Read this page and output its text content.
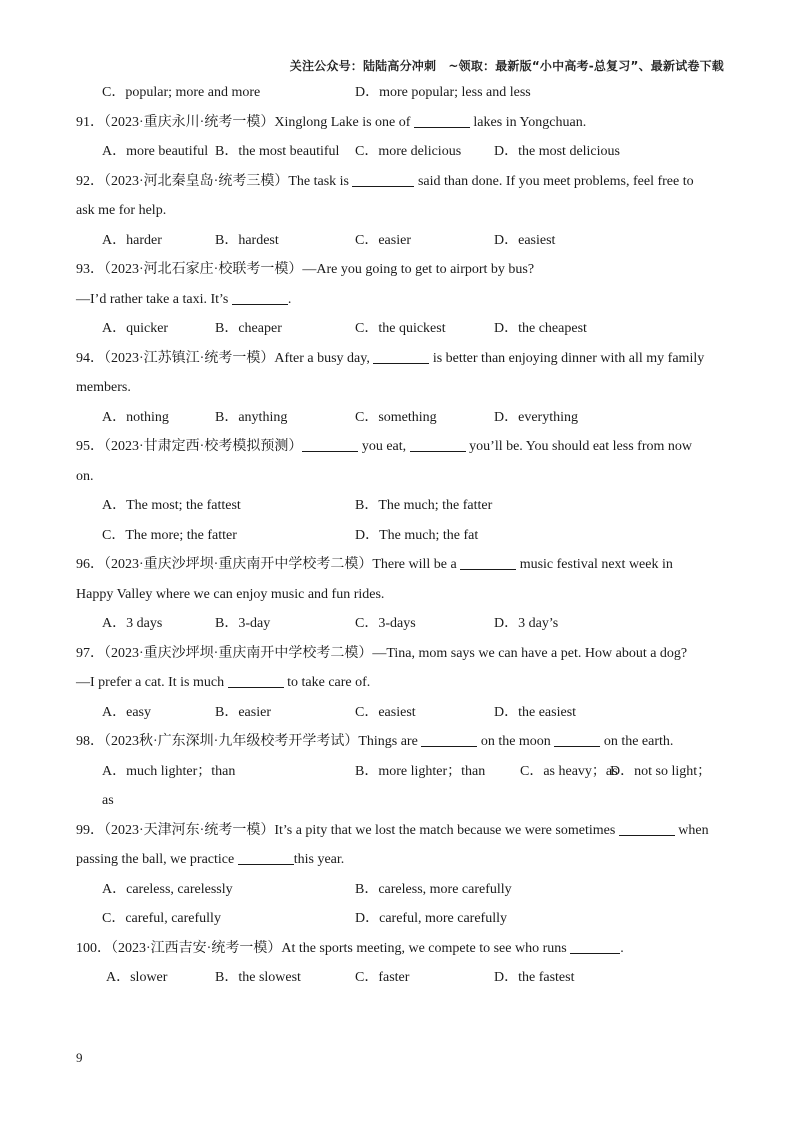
关注公众号：陆陆高分冲刺　~领取：最新版“小中高考-总复习”、最新试卷下载
C．popular; more and more	D．more popular; less and less
91．（2023·重庆永川·统考一模）Xinglong Lake is one of	lakes in Yongchuan.
A．more beautiful B．the most beautiful C．more delicious D．the most delicious
92．（2023·河北秦皇岛·统考三模）The task is	said than done. If you meet problems, feel free to
ask me for help.
A．harder	B．hardest	C．easier	D．easiest
93．（2023·河北石家庄·校联考一模）—Are you going to get to airport by bus?
—I’d rather take a taxi. It’s	.
A．quicker	B．cheaper	C．the quickest	D．the cheapest
94．（2023·江苏镇江·统考一模）After a busy day,	is better than enjoying dinner with all my family
members.
A．nothing	B．anything	C．something	D．everything
95．（2023·甘肃定西·校考模拟预测）	you eat,	you’ll be. You should eat less from now
on.
A．The most; the fattest	B．The much; the fatter
C．The more; the fatter	D．The much; the fat
96．（2023·重庆沙坪坝·重庆南开中学校考二模）There will be a	music festival next week in
Happy Valley where we can enjoy music and fun rides.
A．3 days	B．3-day	C．3-days	D．3 day’s
97．（2023·重庆沙坪坝·重庆南开中学校考二模）—Tina, mom says we can have a pet. How about a dog?
—I prefer a cat. It is much	to take care of.
A．easy	B．easier	C．easiest	D．the easiest
98．（2023秋·广东深圳·九年级校考开学考试）Things are	on the moon	on the earth.
A．much lighter；than	B．more lighter；than C．as heavy；as
D．not so light；
as
99．（2023·天津河东·统考一模）It’s a pity that we lost the match because we were sometimes	when
passing the ball, we practice	this year.
A．careless, carelessly	B．careless, more carefully
C．careful, carefully	D．careful, more carefully
100．（2023·江西吉安·统考一模）At the sports meeting, we compete to see who runs	.
A．slower	B．the slowest	C．faster	D．the fastest
9
